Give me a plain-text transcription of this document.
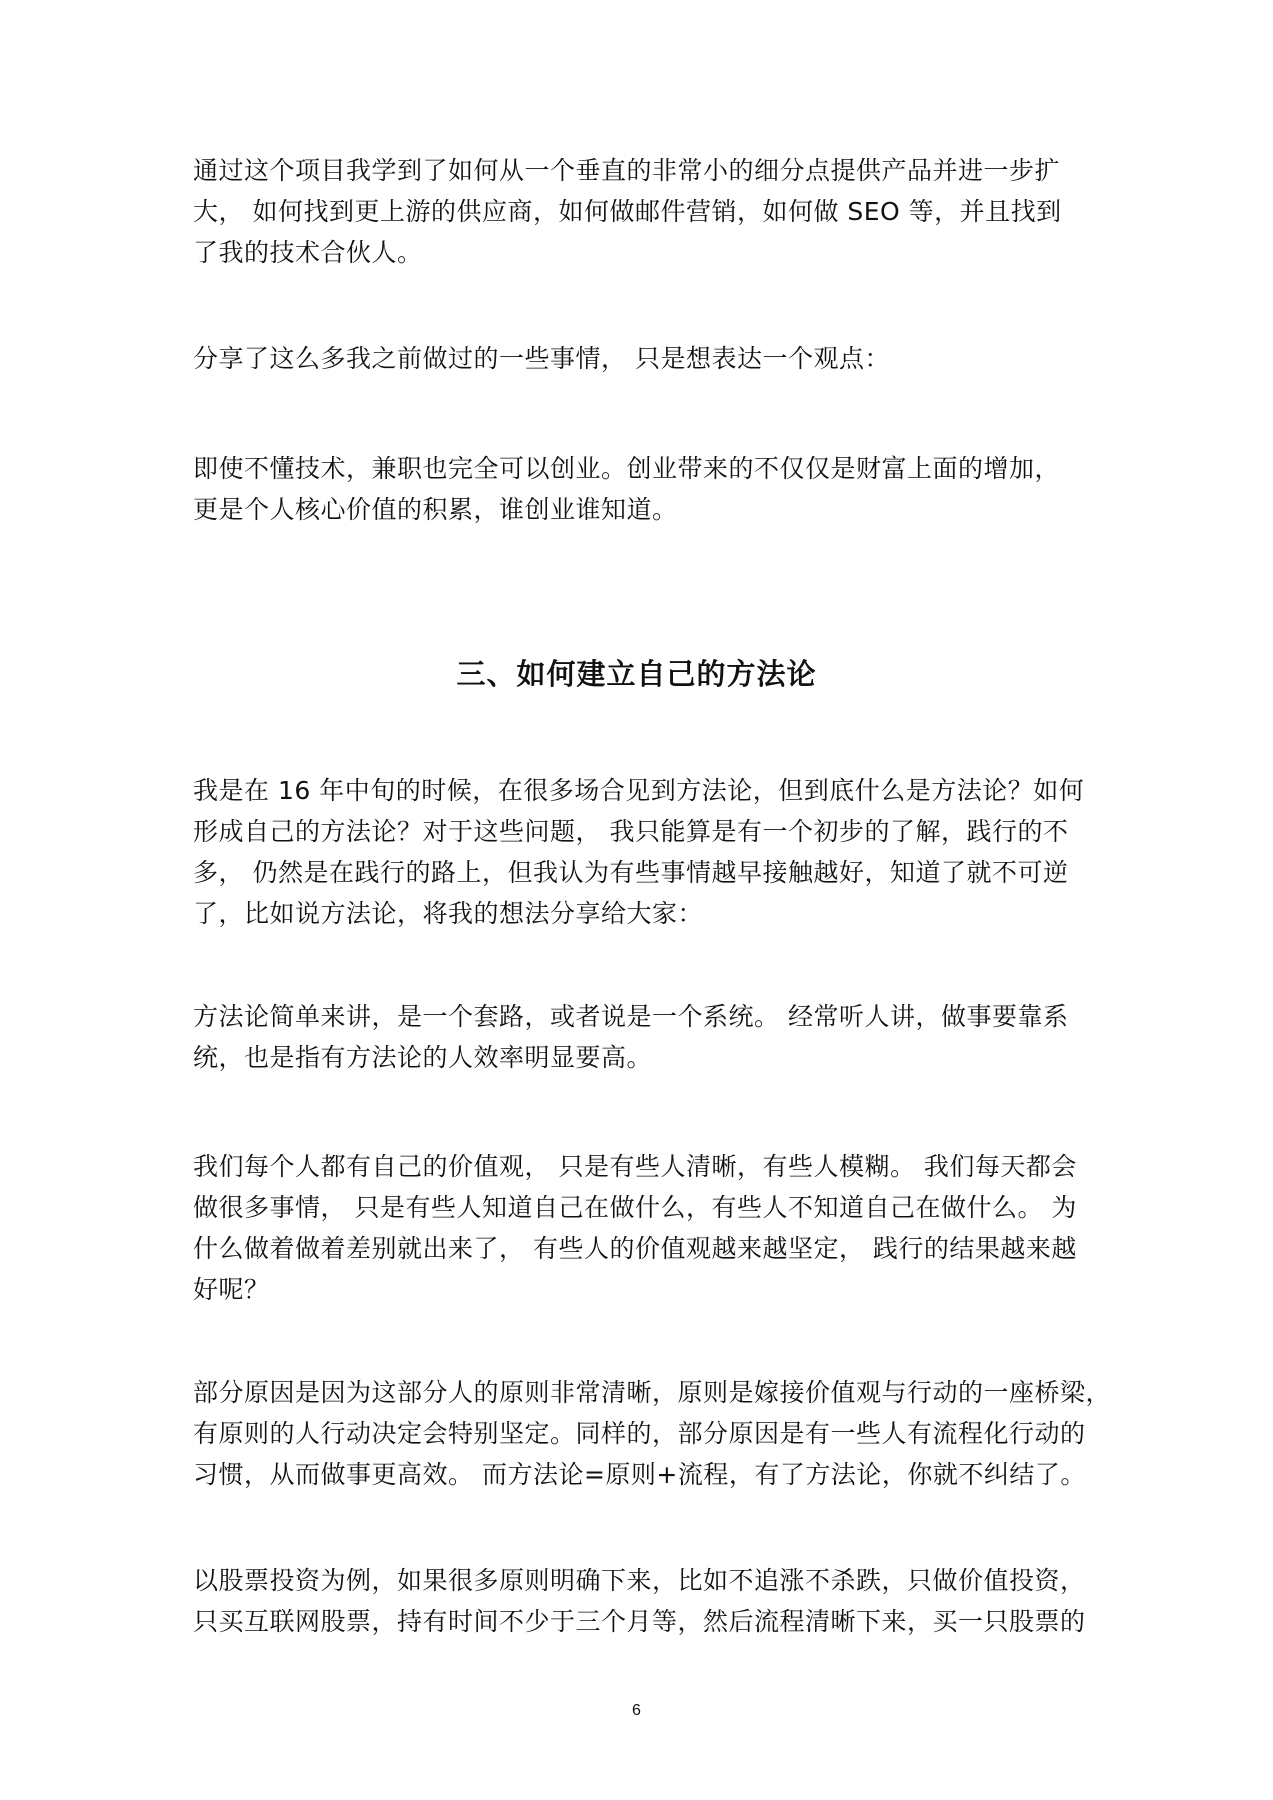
通过这个项目我学到了如何从一个垂直的非常小的细分点提供产品并进一步扩
大， 如何找到更上游的供应商，如何做邮件营销，如何做 SEO 等，并且找到
了我的技术合伙人。

分享了这么多我之前做过的一些事情， 只是想表达一个观点：

即使不懂技术，兼职也完全可以创业。创业带来的不仅仅是财富上面的增加，
更是个人核心价值的积累，谁创业谁知道。

三、如何建立自己的方法论

我是在 16 年中旬的时候，在很多场合见到方法论，但到底什么是方法论？如何
形成自己的方法论？对于这些问题， 我只能算是有一个初步的了解，践行的不
多， 仍然是在践行的路上，但我认为有些事情越早接触越好，知道了就不可逆
了，比如说方法论，将我的想法分享给大家：

方法论简单来讲，是一个套路，或者说是一个系统。 经常听人讲，做事要靠系
统，也是指有方法论的人效率明显要高。

我们每个人都有自己的价值观， 只是有些人清晰，有些人模糊。 我们每天都会
做很多事情， 只是有些人知道自己在做什么，有些人不知道自己在做什么。 为
什么做着做着差别就出来了， 有些人的价值观越来越坚定， 践行的结果越来越
好呢？

部分原因是因为这部分人的原则非常清晰，原则是嫁接价值观与行动的一座桥梁，
有原则的人行动决定会特别坚定。同样的，部分原因是有一些人有流程化行动的
习惯，从而做事更高效。 而方法论=原则+流程，有了方法论，你就不纠结了。

以股票投资为例，如果很多原则明确下来，比如不追涨不杀跌，只做价值投资，
只买互联网股票，持有时间不少于三个月等，然后流程清晰下来，买一只股票的

6
